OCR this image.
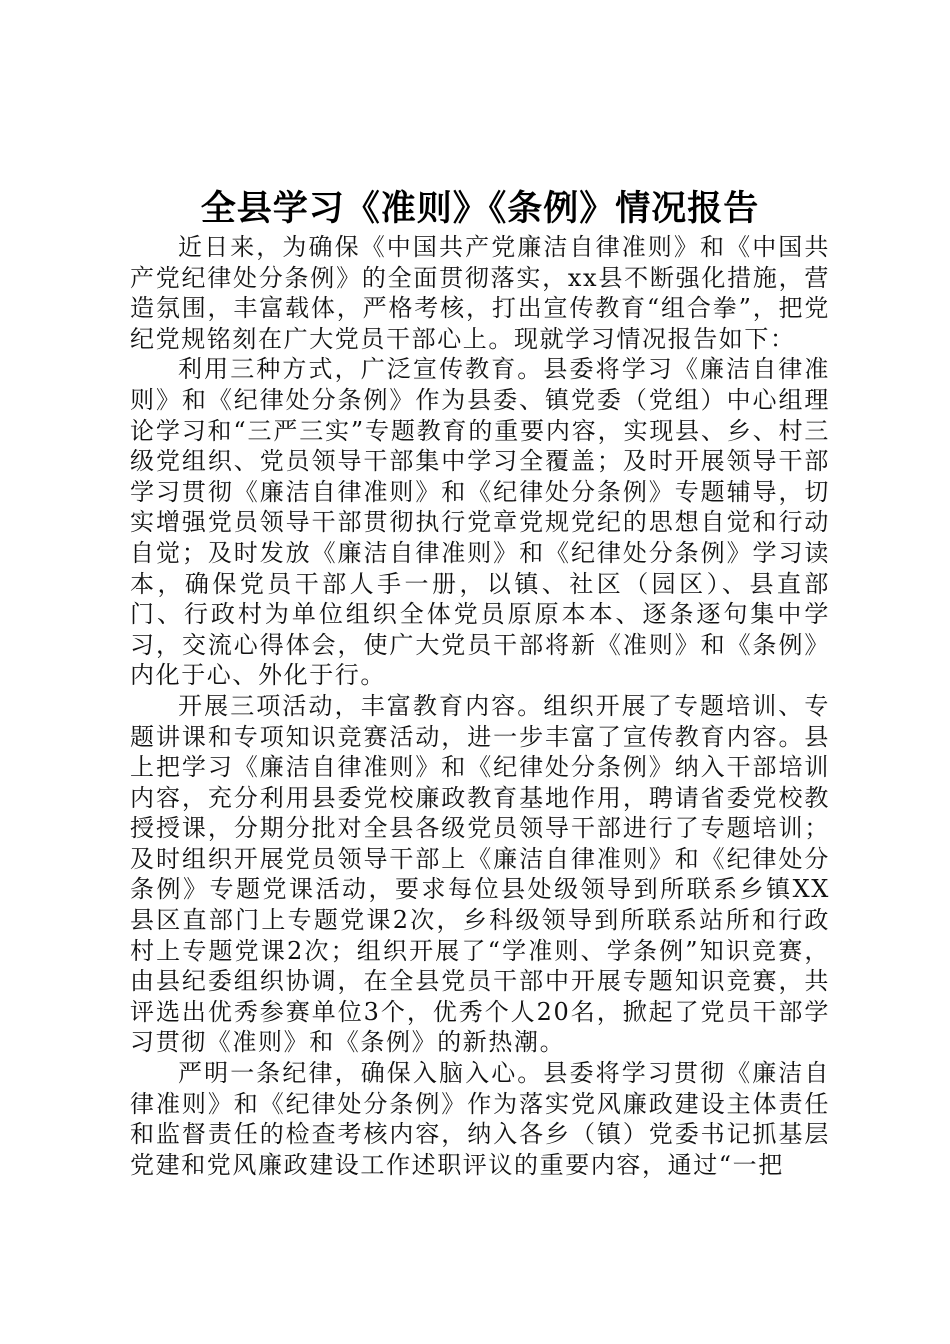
全县学习《准则》《条例》情况报告

近日来，为确保《中国共产党廉洁自律准则》和《中国共产党纪律处分条例》的全面贯彻落实，xx县不断强化措施，营造氛围，丰富载体，严格考核，打出宣传教育“组合拳”，把党纪党规铭刻在广大党员干部心上。现就学习情况报告如下：

利用三种方式，广泛宣传教育。县委将学习《廉洁自律准则》和《纪律处分条例》作为县委、镇党委（党组）中心组理论学习和“三严三实”专题教育的重要内容，实现县、乡、村三级党组织、党员领导干部集中学习全覆盖；及时开展领导干部学习贯彻《廉洁自律准则》和《纪律处分条例》专题辅导，切实增强党员领导干部贯彻执行党章党规党纪的思想自觉和行动自觉；及时发放《廉洁自律准则》和《纪律处分条例》学习读本，确保党员干部人手一册，以镇、社区（园区）、县直部门、行政村为单位组织全体党员原原本本、逐条逐句集中学习，交流心得体会，使广大党员干部将新《准则》和《条例》内化于心、外化于行。

开展三项活动，丰富教育内容。组织开展了专题培训、专题讲课和专项知识竞赛活动，进一步丰富了宣传教育内容。县上把学习《廉洁自律准则》和《纪律处分条例》纳入干部培训内容，充分利用县委党校廉政教育基地作用，聘请省委党校教授授课，分期分批对全县各级党员领导干部进行了专题培训；及时组织开展党员领导干部上《廉洁自律准则》和《纪律处分条例》专题党课活动，要求每位县处级领导到所联系乡镇XX县区直部门上专题党课2次，乡科级领导到所联系站所和行政村上专题党课2次；组织开展了“学准则、学条例”知识竞赛，由县纪委组织协调，在全县党员干部中开展专题知识竞赛，共评选出优秀参赛单位3个，优秀个人20名，掀起了党员干部学习贯彻《准则》和《条例》的新热潮。

严明一条纪律，确保入脑入心。县委将学习贯彻《廉洁自律准则》和《纪律处分条例》作为落实党风廉政建设主体责任和监督责任的检查考核内容，纳入各乡（镇）党委书记抓基层党建和党风廉政建设工作述职评议的重要内容，通过“一把
